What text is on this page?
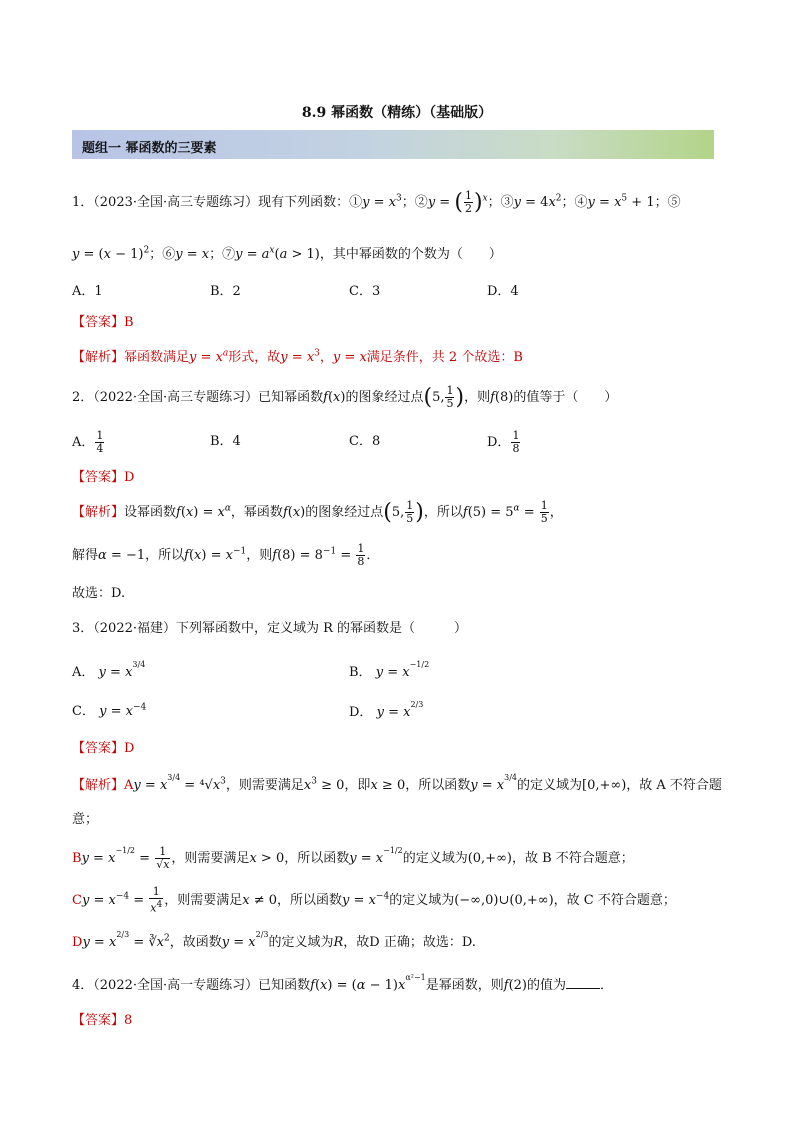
8.9 幂函数（精练）（基础版）
题组一 幂函数的三要素
1．（2023·全国·高三专题练习）现有下列函数：①y = $x^3$；②y = ( $\frac{1}{2} )^x$；③y = $4x^2$；④y = $x^5 + 1$；⑤
$y = (x - 1)^2$；⑥y = x；⑦y = $a^x(a > 1)$，其中幂函数的个数为（　　）
A．1	B．2	C．3	D．4
【答案】B
【解析】幂函数满足$y = x^a$形式，故$y = x^3$，y = x满足条件，共 2 个故选：B
2．（2022·全国·高三专题练习）已知幂函数f(x)的图象经过点(5, $\frac{1}{5}$ )，则f(8)的值等于（　　）
A． $\frac{1}{4}$	B．4	C．8	D． $\frac{1}{8}$
【答案】D
【解析】设幂函数$f(x) = x^\alpha$，幂函数f(x)的图象经过点(5, $\frac{1}{5}$ )，所以$f(5) = 5^\alpha = \frac{1}{5}$ ，
解得α = −1，所以$f(x) = x^{-1}$，则$f(8) = 8^{-1} = \frac{1}{8}$ ．
故选：D.
3．（2022·福建）下列幂函数中，定义域为 R 的幂函数是（　　　）
A． $y = x^{3/4}$
B． $y = x^{-1/2}$
C． $y = x^{-4}$	D． $y = x^{2/3}$
【答案】D
【解析】$Ay = x^{3/4} = ^4√x^3$，则需要满足$x^3 \ge 0$，即x ≥ 0，所以函数$y = x^{3/4}$的定义域为[0,+∞)，故 A 不符合题
意；
$By = x^{-1/2} = \frac{1}{√x}$ ，则需要满足x > 0，所以函数$y = x^{-1/2}$的定义域为(0,+∞)，故 B 不符合题意；
$Cy = x^{-4} = \frac{1}{x^4}$ ，则需要满足x ≠ 0，所以函数$y = x^{-4}$的定义域为(−∞,0)∪(0,+∞)，故 C 不符合题意；
$Dy = x^{2/3}$ = $∛x^2$，故函数$y = x^{2/3}$的定义域为R，故D 正确；故选：D.
4．（2022·全国·高一专题练习）已知函数$f(x) = (\alpha - 1)x^{\alpha^2-1}$是幂函数，则f(2)的值为	．
【答案】8
